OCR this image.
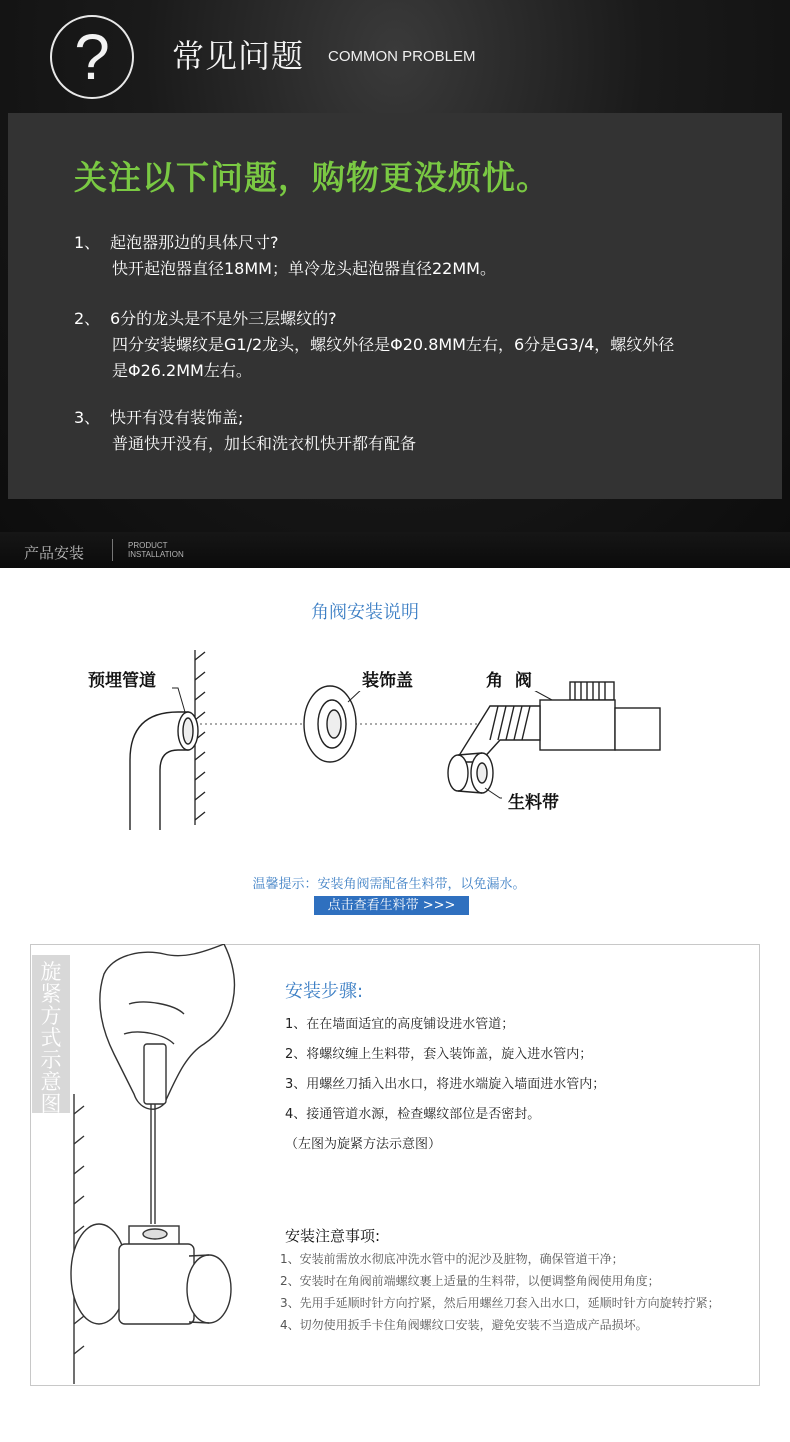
?	常见问题 COMMON PROBLEM
关注以下问题，购物更没烦忧。
1、 起泡器那边的具体尺寸?
快开起泡器直径18MM；单冷龙头起泡器直径22MM。
2、 6分的龙头是不是外三层螺纹的?
四分安装螺纹是G1/2龙头，螺纹外径是Φ20.8MM左右，6分是G3/4，螺纹外径
是Φ26.2MM左右。
3、 快开有没有装饰盖;
普通快开没有，加长和洗衣机快开都有配备
产品安装	PRODUCT
INSTALLATION
角阀安装说明
预埋管道	装饰盖	角  阀
生料带
温馨提示：安装角阀需配备生料带，以免漏水。
点击查看生料带 >>>
旋
紧
方
式
示
意
图
安装步骤:
1、在在墙面适宜的高度铺设进水管道；
2、将螺纹缠上生料带，套入装饰盖，旋入进水管内；
3、用螺丝刀插入出水口，将进水端旋入墙面进水管内；
4、接通管道水源，检查螺纹部位是否密封。
（左图为旋紧方法示意图）
安装注意事项:
1、安装前需放水彻底冲洗水管中的泥沙及脏物，确保管道干净；
2、安装时在角阀前端螺纹裹上适量的生料带，以便调整角阀使用角度；
3、先用手延顺时针方向拧紧，然后用螺丝刀套入出水口，延顺时针方向旋转拧紧；
4、切勿使用扳手卡住角阀螺纹口安装，避免安装不当造成产品损坏。
